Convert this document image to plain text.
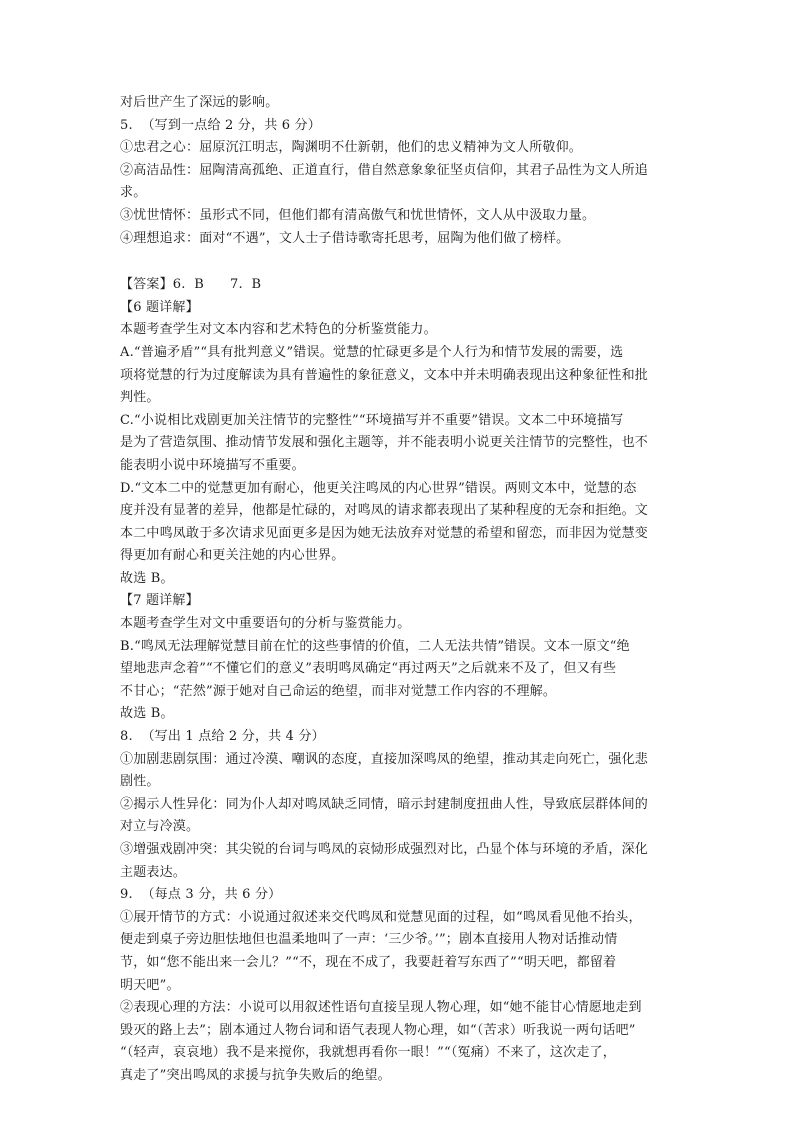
对后世产生了深远的影响。
5.  （写到一点给 2 分，共 6 分）
①忠君之心：屈原沉江明志，陶渊明不仕新朝，他们的忠义精神为文人所敬仰。
②高洁品性：屈陶清高孤绝、正道直行，借自然意象象征坚贞信仰，其君子品性为文人所追
求。
③忧世情怀：虽形式不同，但他们都有清高傲气和忧世情怀，文人从中汲取力量。
④理想追求：面对“不遇”，文人士子借诗歌寄托思考，屈陶为他们做了榜样。
【答案】6.  B      7.  B
【6 题详解】
本题考查学生对文本内容和艺术特色的分析鉴赏能力。
A.“普遍矛盾”“具有批判意义”错误。觉慧的忙碌更多是个人行为和情节发展的需要，选
项将觉慧的行为过度解读为具有普遍性的象征意义，文本中并未明确表现出这种象征性和批
判性。
C.“小说相比戏剧更加关注情节的完整性”“环境描写并不重要”错误。文本二中环境描写
是为了营造氛围、推动情节发展和强化主题等，并不能表明小说更关注情节的完整性，也不
能表明小说中环境描写不重要。
D.“文本二中的觉慧更加有耐心，他更关注鸣凤的内心世界”错误。两则文本中，觉慧的态
度并没有显著的差异，他都是忙碌的，对鸣凤的请求都表现出了某种程度的无奈和拒绝。文
本二中鸣凤敢于多次请求见面更多是因为她无法放弃对觉慧的希望和留恋，而非因为觉慧变
得更加有耐心和更关注她的内心世界。
故选 B。
【7 题详解】
本题考查学生对文中重要语句的分析与鉴赏能力。
B.“鸣凤无法理解觉慧目前在忙的这些事情的价值，二人无法共情”错误。文本一原文“绝
望地悲声念着”“不懂它们的意义”表明鸣凤确定“再过两天”之后就来不及了，但又有些
不甘心；“茫然”源于她对自己命运的绝望，而非对觉慧工作内容的不理解。
故选 B。
8.  （写出 1 点给 2 分，共 4 分）
①加剧悲剧氛围：通过冷漠、嘲讽的态度，直接加深鸣凤的绝望，推动其走向死亡，强化悲
剧性。
②揭示人性异化：同为仆人却对鸣凤缺乏同情，暗示封建制度扭曲人性，导致底层群体间的
对立与冷漠。
③增强戏剧冲突：其尖锐的台词与鸣凤的哀恸形成强烈对比，凸显个体与环境的矛盾，深化
主题表达。
9.  （每点 3 分，共 6 分）
①展开情节的方式：小说通过叙述来交代鸣凤和觉慧见面的过程，如“鸣凤看见他不抬头，
便走到桌子旁边胆怯地但也温柔地叫了一声：‘三少爷。’”；剧本直接用人物对话推动情
节，如“您不能出来一会儿？”“不，现在不成了，我要赶着写东西了”“明天吧，都留着
明天吧”。
②表现心理的方法：小说可以用叙述性语句直接呈现人物心理，如“她不能甘心情愿地走到
毁灭的路上去”；剧本通过人物台词和语气表现人物心理，如“（苦求）听我说一两句话吧”
“（轻声，哀哀地）我不是来搅你，我就想再看你一眼！”“（冤痛）不来了，这次走了，
真走了”突出鸣凤的求援与抗争失败后的绝望。
